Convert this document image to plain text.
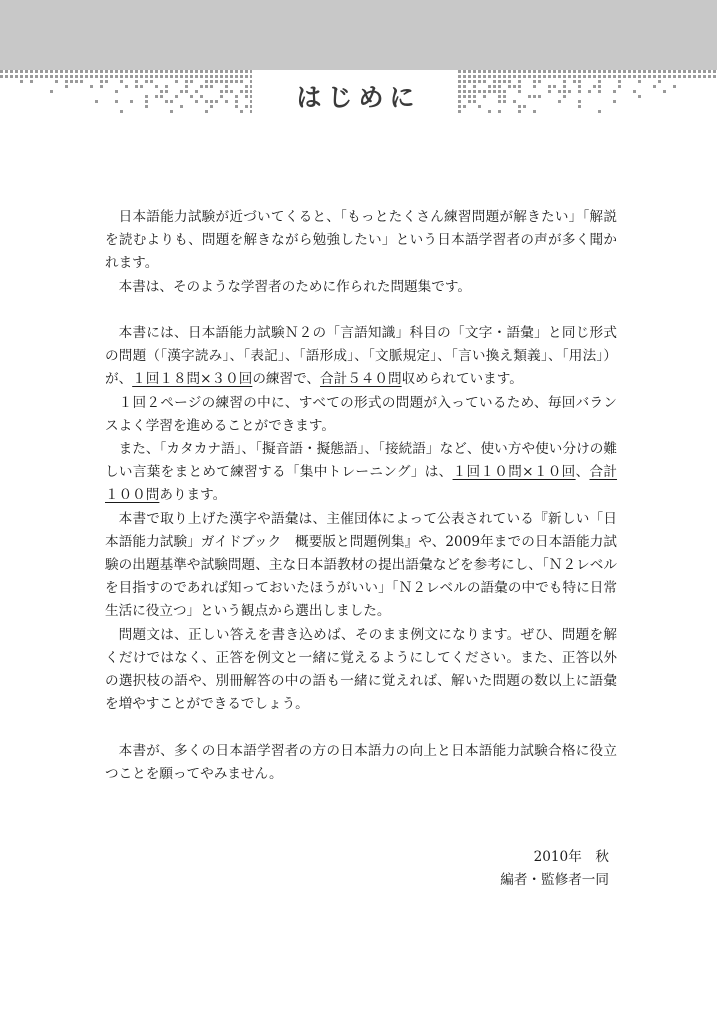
はじめに

日本語能力試験が近づいてくると、「もっとたくさん練習問題が解きたい」「解説を読むよりも、問題を解きながら勉強したい」という日本語学習者の声が多く聞かれます。

本書は、そのような学習者のために作られた問題集です。

本書には、日本語能力試験Ｎ２の「言語知識」科目の「文字・語彙」と同じ形式の問題（「漢字読み」、「表記」、「語形成」、「文脈規定」、「言い換え類義」、「用法」）が、１回１８問×３０回の練習で、合計５４０問収められています。

１回２ページの練習の中に、すべての形式の問題が入っているため、毎回バランスよく学習を進めることができます。

また、「カタカナ語」、「擬音語・擬態語」、「接続語」など、使い方や使い分けの難しい言葉をまとめて練習する「集中トレーニング」は、１回１０問×１０回、合計１００問あります。

本書で取り上げた漢字や語彙は、主催団体によって公表されている『新しい「日本語能力試験」ガイドブック　概要版と問題例集』や、2009年までの日本語能力試験の出題基準や試験問題、主な日本語教材の提出語彙などを参考にし、「Ｎ２レベルを目指すのであれば知っておいたほうがいい」「Ｎ２レベルの語彙の中でも特に日常生活に役立つ」という観点から選出しました。

問題文は、正しい答えを書き込めば、そのまま例文になります。ぜひ、問題を解くだけではなく、正答を例文と一緒に覚えるようにしてください。また、正答以外の選択枝の語や、別冊解答の中の語も一緒に覚えれば、解いた問題の数以上に語彙を増やすことができるでしょう。

本書が、多くの日本語学習者の方の日本語力の向上と日本語能力試験合格に役立つことを願ってやみません。

2010年　秋
編者・監修者一同
